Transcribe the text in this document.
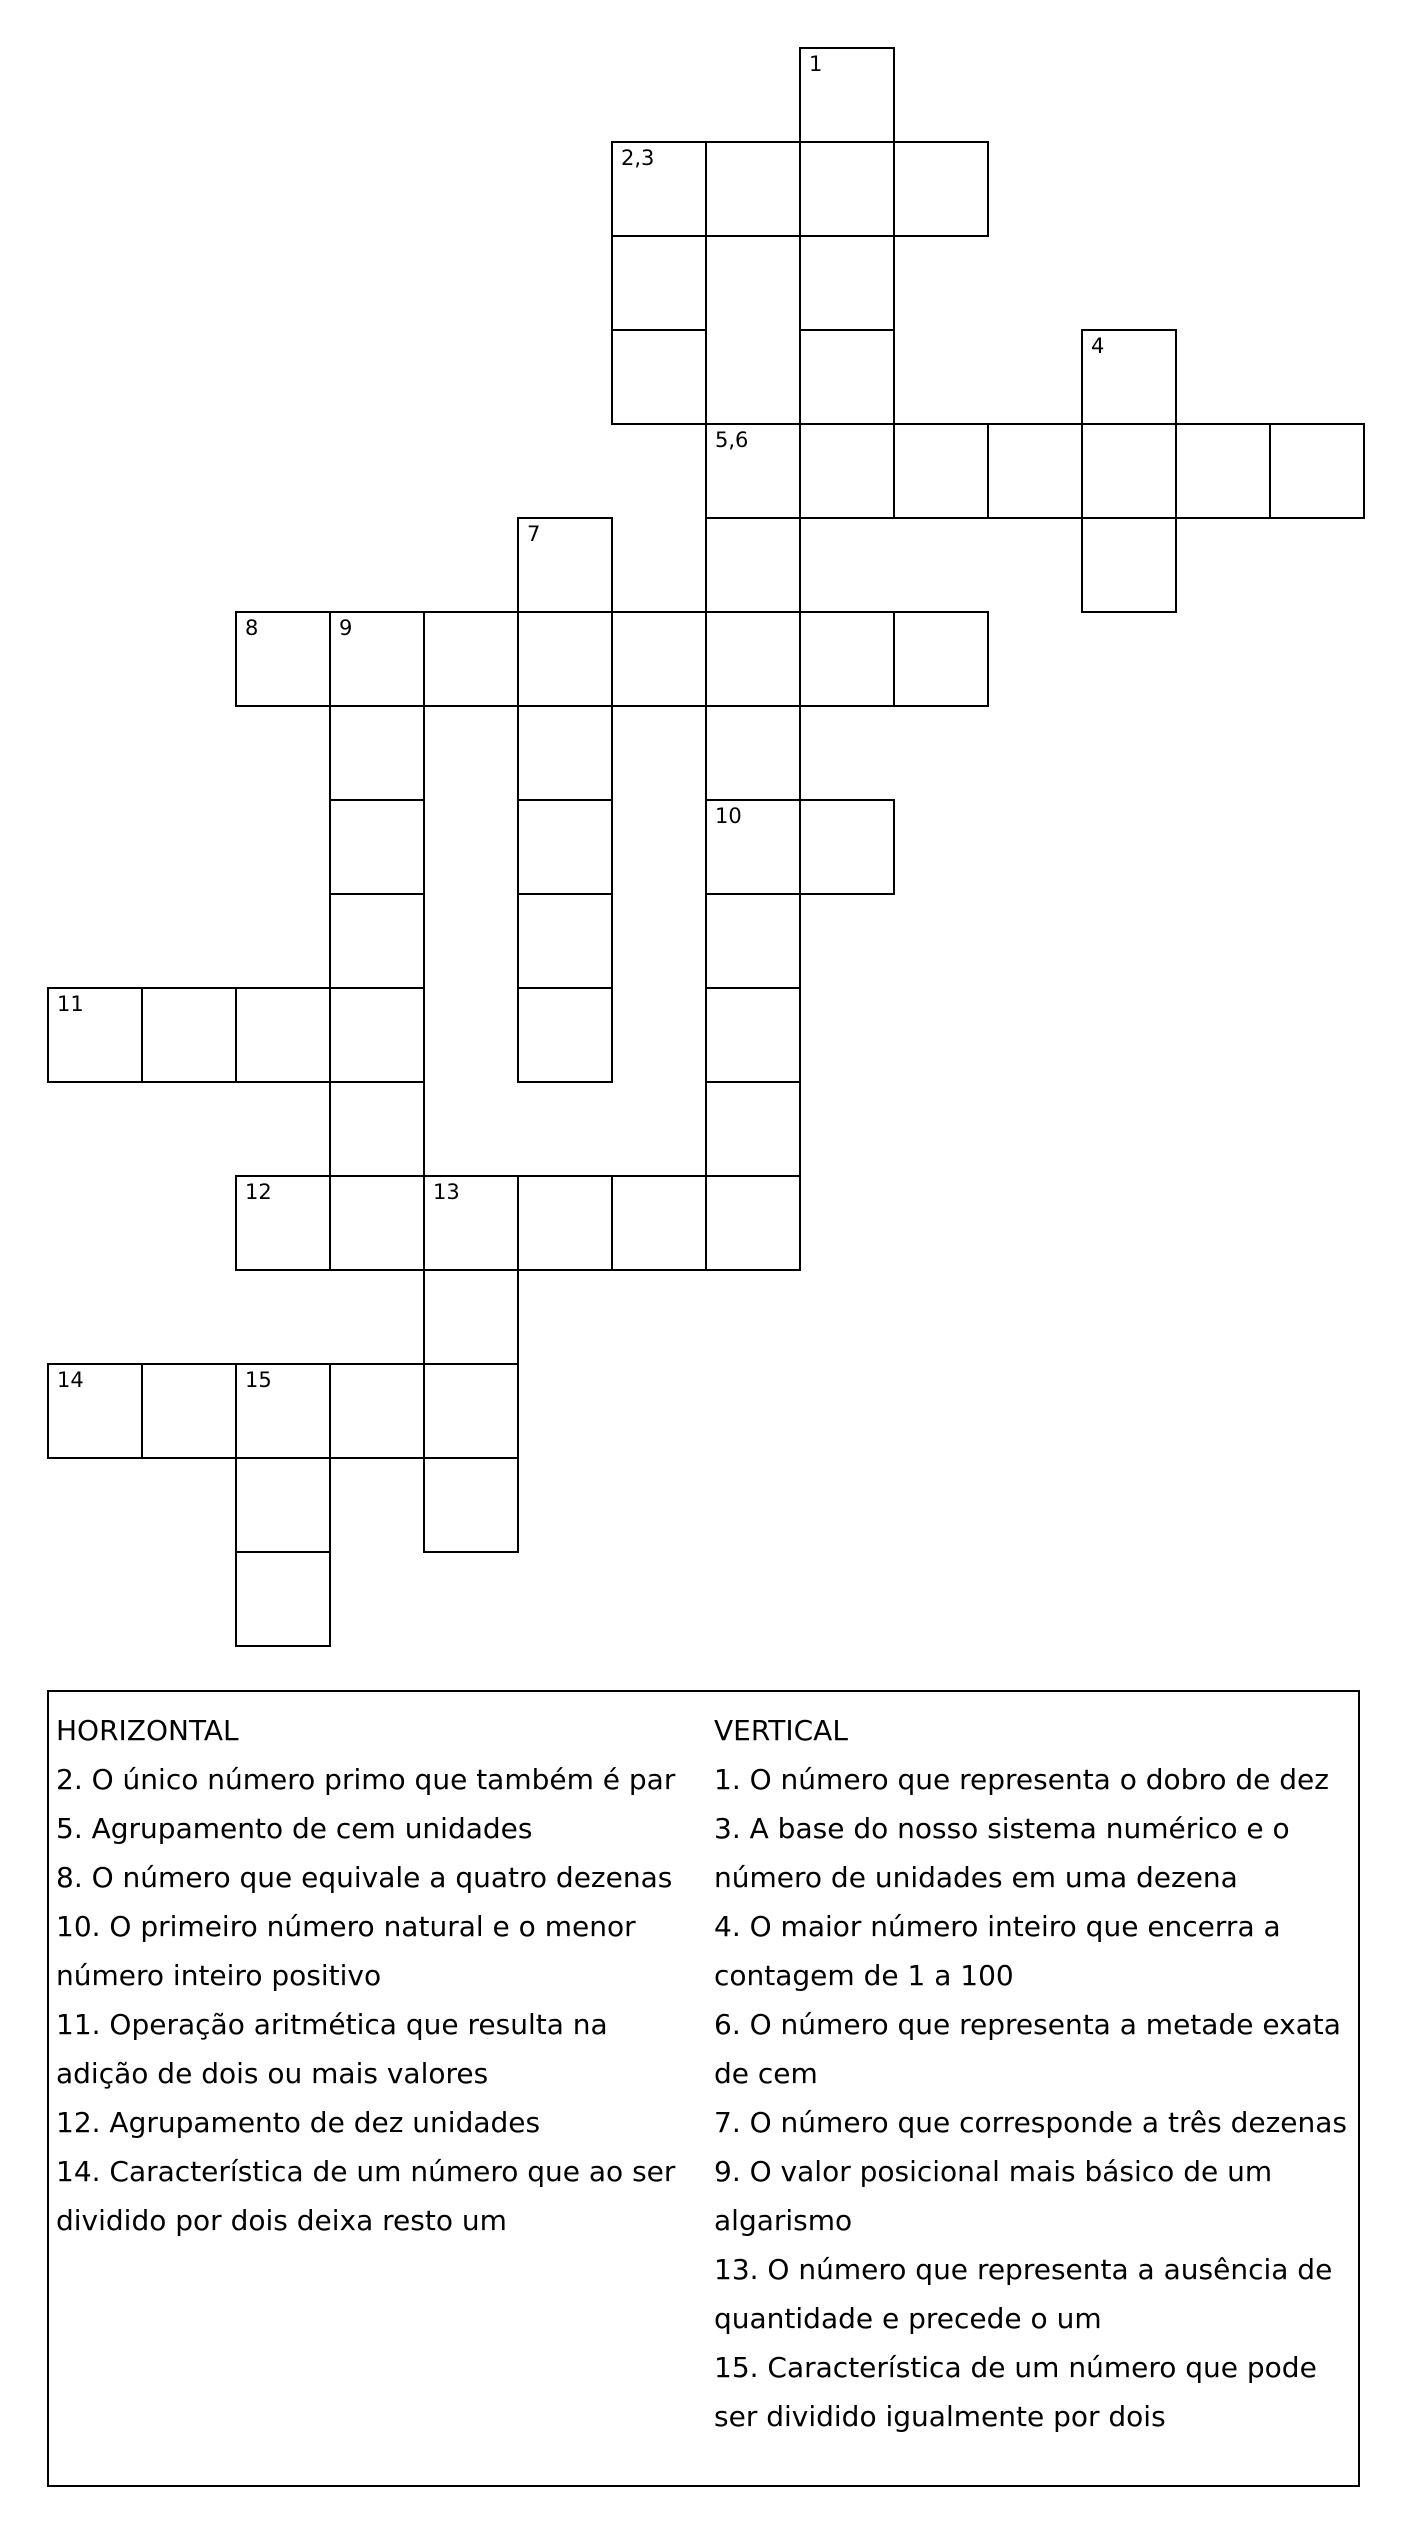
1
2,3
4
5,6
7
8	9
10
11
12	13
14	15

HORIZONTAL

2. O único número primo que também é par

5. Agrupamento de cem unidades

8. O número que equivale a quatro dezenas

10. O primeiro número natural e o menor número inteiro positivo

11. Operação aritmética que resulta na adição de dois ou mais valores

12. Agrupamento de dez unidades

14. Característica de um número que ao ser dividido por dois deixa resto um

VERTICAL

1. O número que representa o dobro de dez

3. A base do nosso sistema numérico e o número de unidades em uma dezena

4. O maior número inteiro que encerra a contagem de 1 a 100

6. O número que representa a metade exata de cem

7. O número que corresponde a três dezenas

9. O valor posicional mais básico de um algarismo

13. O número que representa a ausência de quantidade e precede o um

15. Característica de um número que pode ser dividido igualmente por dois
